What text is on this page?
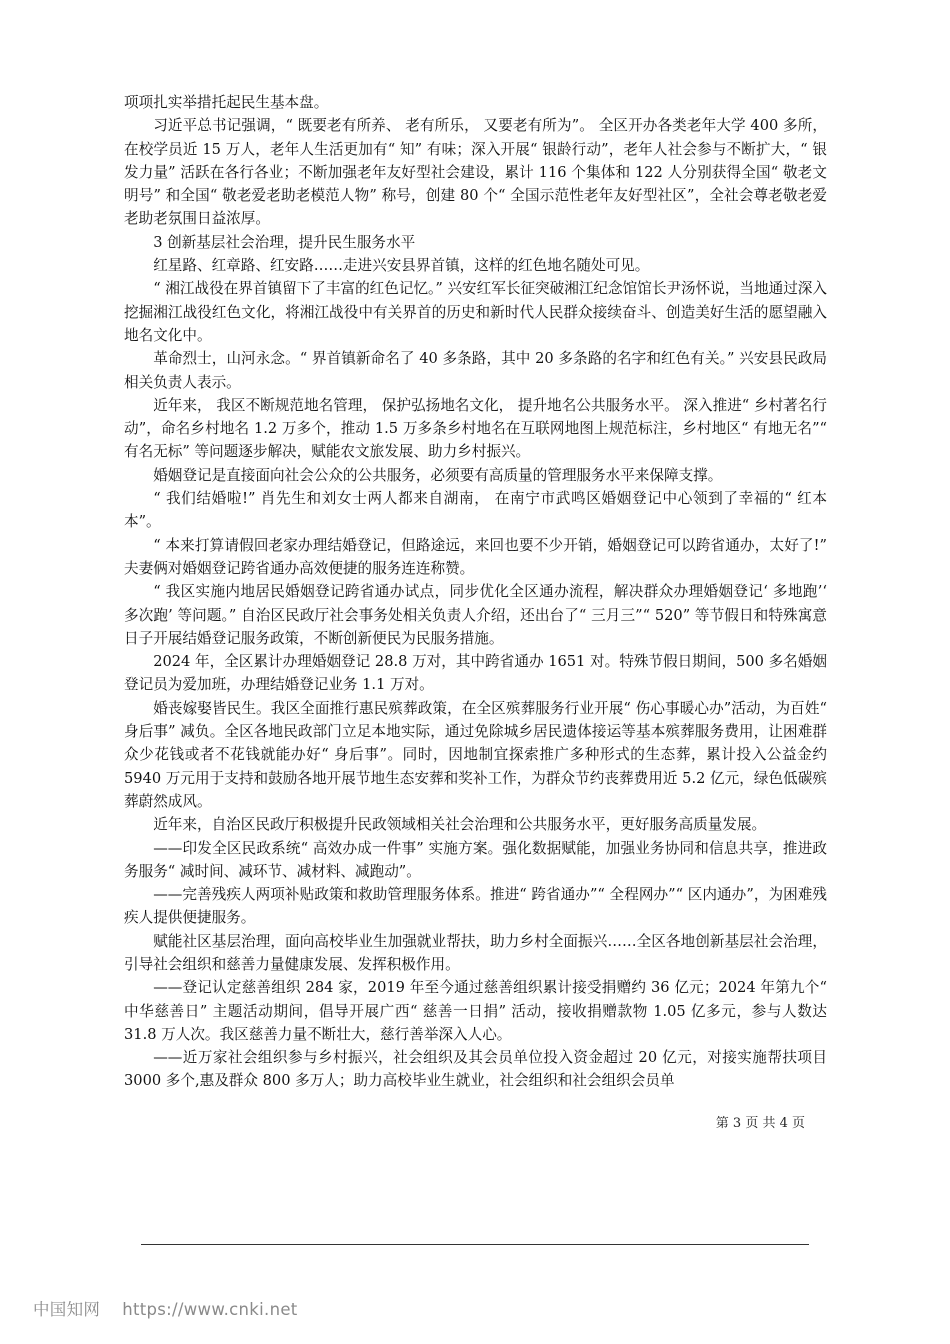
项项扎实举措托起民生基本盘。

习近平总书记强调，“ 既要老有所养、 老有所乐， 又要老有所为”。 全区开办各类老年大学 400 多所，在校学员近 15 万人，老年人生活更加有“ 知” 有味；深入开展“ 银龄行动”，老年人社会参与不断扩大，“ 银发力量” 活跃在各行各业；不断加强老年友好型社会建设，累计 116 个集体和 122 人分别获得全国“ 敬老文明号” 和全国“ 敬老爱老助老模范人物” 称号，创建 80 个“ 全国示范性老年友好型社区”，全社会尊老敬老爱老助老氛围日益浓厚。

3 创新基层社会治理，提升民生服务水平

红星路、红章路、红安路……走进兴安县界首镇，这样的红色地名随处可见。

“ 湘江战役在界首镇留下了丰富的红色记忆。” 兴安红军长征突破湘江纪念馆馆长尹汤怀说，当地通过深入挖掘湘江战役红色文化，将湘江战役中有关界首的历史和新时代人民群众接续奋斗、创造美好生活的愿望融入地名文化中。

革命烈士，山河永念。“ 界首镇新命名了 40 多条路，其中 20 多条路的名字和红色有关。” 兴安县民政局相关负责人表示。

近年来， 我区不断规范地名管理， 保护弘扬地名文化， 提升地名公共服务水平。 深入推进“ 乡村著名行动”，命名乡村地名 1.2 万多个，推动 1.5 万多条乡村地名在互联网地图上规范标注，乡村地区“ 有地无名”“ 有名无标” 等问题逐步解决，赋能农文旅发展、助力乡村振兴。

婚姻登记是直接面向社会公众的公共服务，必须要有高质量的管理服务水平来保障支撑。

“ 我们结婚啦!” 肖先生和刘女士两人都来自湖南， 在南宁市武鸣区婚姻登记中心领到了幸福的“ 红本本”。

“ 本来打算请假回老家办理结婚登记，但路途远，来回也要不少开销，婚姻登记可以跨省通办，太好了!” 夫妻俩对婚姻登记跨省通办高效便捷的服务连连称赞。

“ 我区实施内地居民婚姻登记跨省通办试点，同步优化全区通办流程，解决群众办理婚姻登记‘ 多地跑’‘ 多次跑’ 等问题。” 自治区民政厅社会事务处相关负责人介绍，还出台了“ 三月三”“ 520” 等节假日和特殊寓意日子开展结婚登记服务政策，不断创新便民为民服务措施。

2024 年，全区累计办理婚姻登记 28.8 万对，其中跨省通办 1651 对。特殊节假日期间，500 多名婚姻登记员为爱加班，办理结婚登记业务 1.1 万对。

婚丧嫁娶皆民生。我区全面推行惠民殡葬政策，在全区殡葬服务行业开展“ 伤心事暖心办”活动，为百姓“ 身后事” 减负。全区各地民政部门立足本地实际，通过免除城乡居民遗体接运等基本殡葬服务费用，让困难群众少花钱或者不花钱就能办好“ 身后事”。同时，因地制宜探索推广多种形式的生态葬，累计投入公益金约 5940 万元用于支持和鼓励各地开展节地生态安葬和奖补工作，为群众节约丧葬费用近 5.2 亿元，绿色低碳殡葬蔚然成风。

近年来，自治区民政厅积极提升民政领域相关社会治理和公共服务水平，更好服务高质量发展。

——印发全区民政系统“ 高效办成一件事” 实施方案。强化数据赋能，加强业务协同和信息共享，推进政务服务“ 减时间、减环节、减材料、减跑动”。

——完善残疾人两项补贴政策和救助管理服务体系。推进“ 跨省通办”“ 全程网办”“ 区内通办”，为困难残疾人提供便捷服务。

赋能社区基层治理，面向高校毕业生加强就业帮扶，助力乡村全面振兴……全区各地创新基层社会治理，引导社会组织和慈善力量健康发展、发挥积极作用。

——登记认定慈善组织 284 家，2019 年至今通过慈善组织累计接受捐赠约 36 亿元；2024 年第九个“ 中华慈善日” 主题活动期间，倡导开展广西“ 慈善一日捐” 活动，接收捐赠款物 1.05 亿多元，参与人数达 31.8 万人次。我区慈善力量不断壮大，慈行善举深入人心。

——近万家社会组织参与乡村振兴，社会组织及其会员单位投入资金超过 20 亿元，对接实施帮扶项目 3000 多个,惠及群众 800 多万人；助力高校毕业生就业，社会组织和社会组织会员单

第 3 页 共 4 页
中国知网 https://www.cnki.net
